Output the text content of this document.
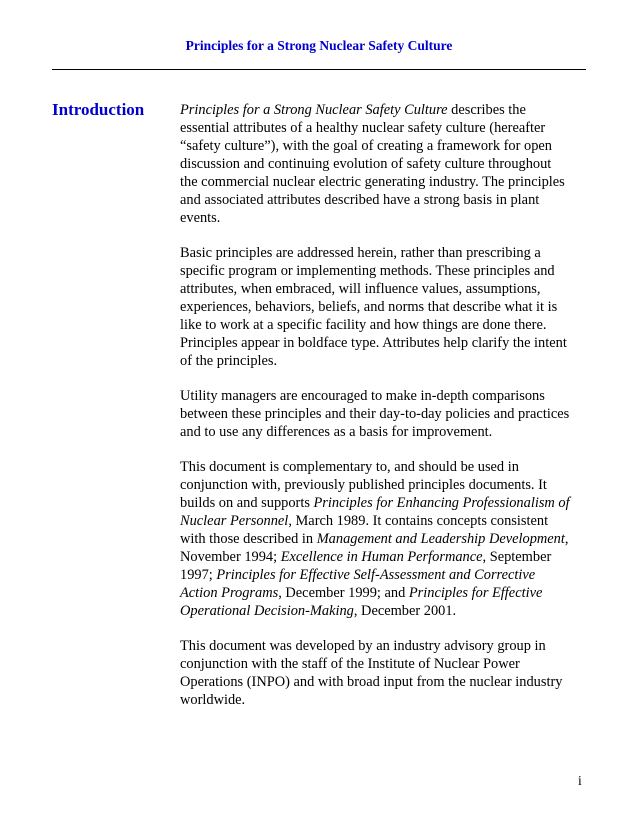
Principles for a Strong Nuclear Safety Culture
Introduction Principles for a Strong Nuclear Safety Culture describes the essential attributes of a healthy nuclear safety culture (hereafter “safety culture”), with the goal of creating a framework for open discussion and continuing evolution of safety culture throughout the commercial nuclear electric generating industry. The principles and associated attributes described have a strong basis in plant events.

Basic principles are addressed herein, rather than prescribing a specific program or implementing methods. These principles and attributes, when embraced, will influence values, assumptions, experiences, behaviors, beliefs, and norms that describe what it is like to work at a specific facility and how things are done there. Principles appear in boldface type. Attributes help clarify the intent of the principles.

Utility managers are encouraged to make in-depth comparisons between these principles and their day-to-day policies and practices and to use any differences as a basis for improvement.

This document is complementary to, and should be used in conjunction with, previously published principles documents. It builds on and supports Principles for Enhancing Professionalism of Nuclear Personnel, March 1989. It contains concepts consistent with those described in Management and Leadership Development, November 1994; Excellence in Human Performance, September 1997; Principles for Effective Self-Assessment and Corrective Action Programs, December 1999; and Principles for Effective Operational Decision-Making, December 2001.

This document was developed by an industry advisory group in conjunction with the staff of the Institute of Nuclear Power Operations (INPO) and with broad input from the nuclear industry worldwide.

i
